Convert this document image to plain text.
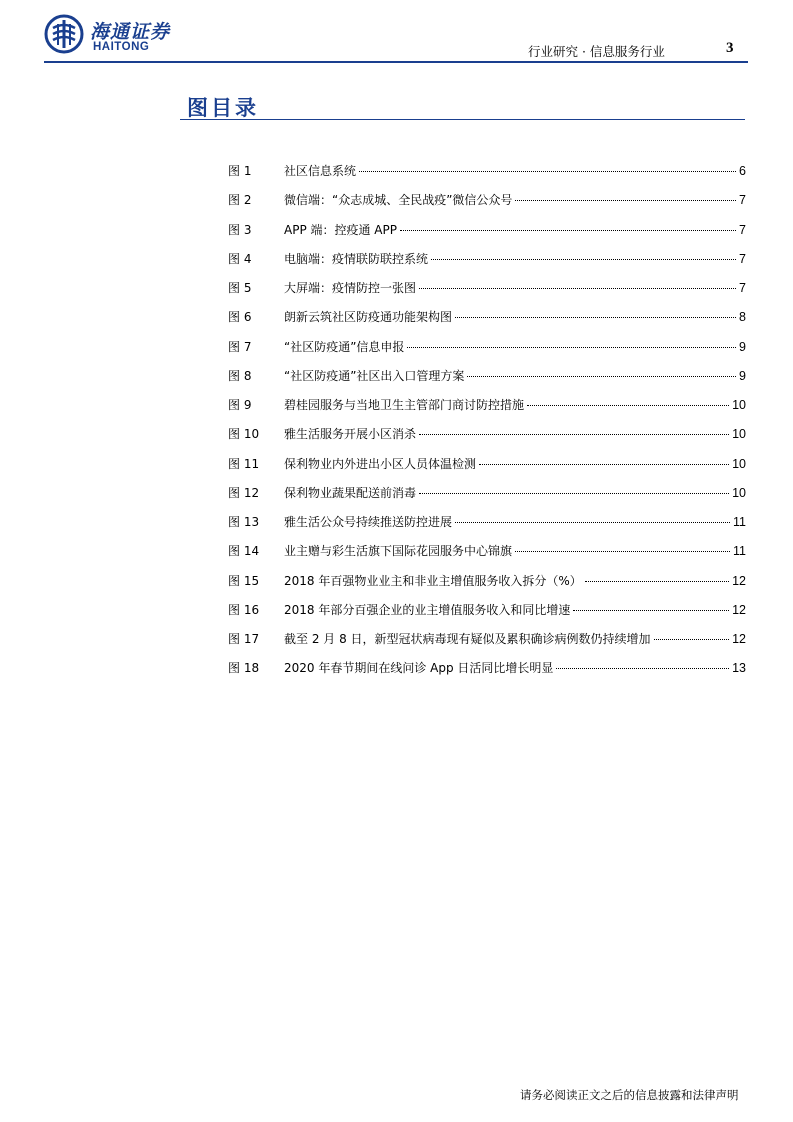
海通证券
HAITONG	行业研究 · 信息服务行业	3
图目录
图 1	社区信息系统	6
图 2	微信端：“众志成城、全民战疫”微信公众号	7
图 3	APP 端：控疫通 APP	7
图 4	电脑端：疫情联防联控系统	7
图 5	大屏端：疫情防控一张图	7
图 6	朗新云筑社区防疫通功能架构图	8
图 7	“社区防疫通”信息申报	9
图 8	“社区防疫通”社区出入口管理方案	9
图 9	碧桂园服务与当地卫生主管部门商讨防控措施	10
图 10	雅生活服务开展小区消杀	10
图 11	保利物业内外进出小区人员体温检测	10
图 12	保利物业蔬果配送前消毒	10
图 13	雅生活公众号持续推送防控进展	11
图 14	业主赠与彩生活旗下国际花园服务中心锦旗	11
图 15	2018 年百强物业业主和非业主增值服务收入拆分（%）	12
图 16	2018 年部分百强企业的业主增值服务收入和同比增速	12
图 17	截至 2 月 8 日，新型冠状病毒现有疑似及累积确诊病例数仍持续增加	12
图 18	2020 年春节期间在线问诊 App 日活同比增长明显	13
请务必阅读正文之后的信息披露和法律声明
